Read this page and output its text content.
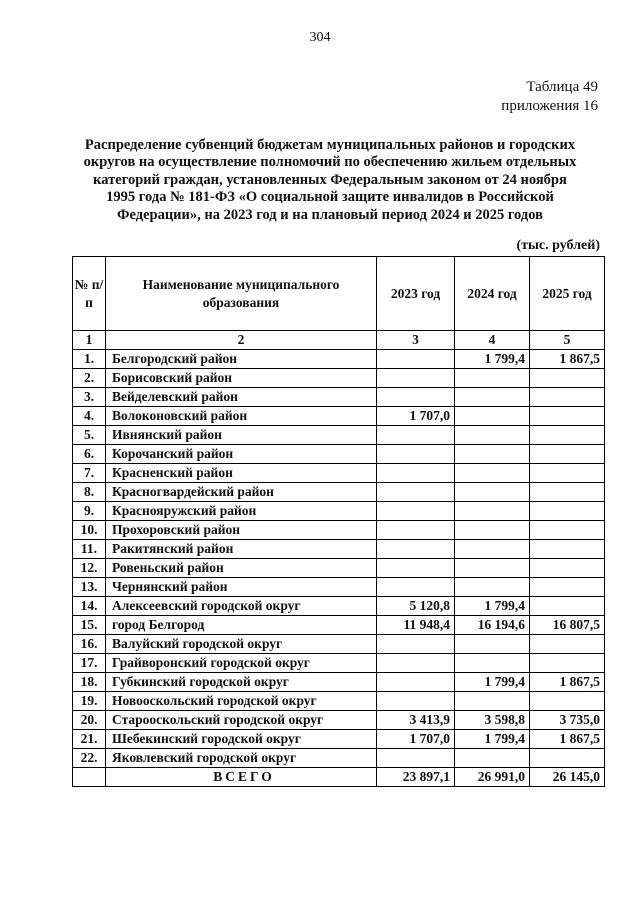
304
Таблица 49
приложения 16
Распределение субвенций бюджетам муниципальных районов и городских
округов на осуществление полномочий по обеспечению жильем отдельных
категорий граждан, установленных Федеральным законом от 24 ноября
1995 года № 181-ФЗ «О социальной защите инвалидов в Российской
Федерации», на 2023 год и на плановый период 2024 и 2025 годов
(тыс. рублей)
№ п/п	Наименование муниципального образования	2023 год	2024 год	2025 год
1	2	3	4	5
1.	Белгородский район		1 799,4	1 867,5
2.	Борисовский район			
3.	Вейделевский район			
4.	Волоконовский район	1 707,0		
5.	Ивнянский район			
6.	Корочанский район			
7.	Красненский район			
8.	Красногвардейский район			
9.	Краснояружский район			
10.	Прохоровский район			
11.	Ракитянский район			
12.	Ровеньский район			
13.	Чернянский район			
14.	Алексеевский городской округ	5 120,8	1 799,4	
15.	город Белгород	11 948,4	16 194,6	16 807,5
16.	Валуйский городской округ			
17.	Грайворонский городской округ			
18.	Губкинский городской округ		1 799,4	1 867,5
19.	Новооскольский городской округ			
20.	Старооскольский городской округ	3 413,9	3 598,8	3 735,0
21.	Шебекинский городской округ	1 707,0	1 799,4	1 867,5
22.	Яковлевский городской округ			
	ВСЕГО	23 897,1	26 991,0	26 145,0
